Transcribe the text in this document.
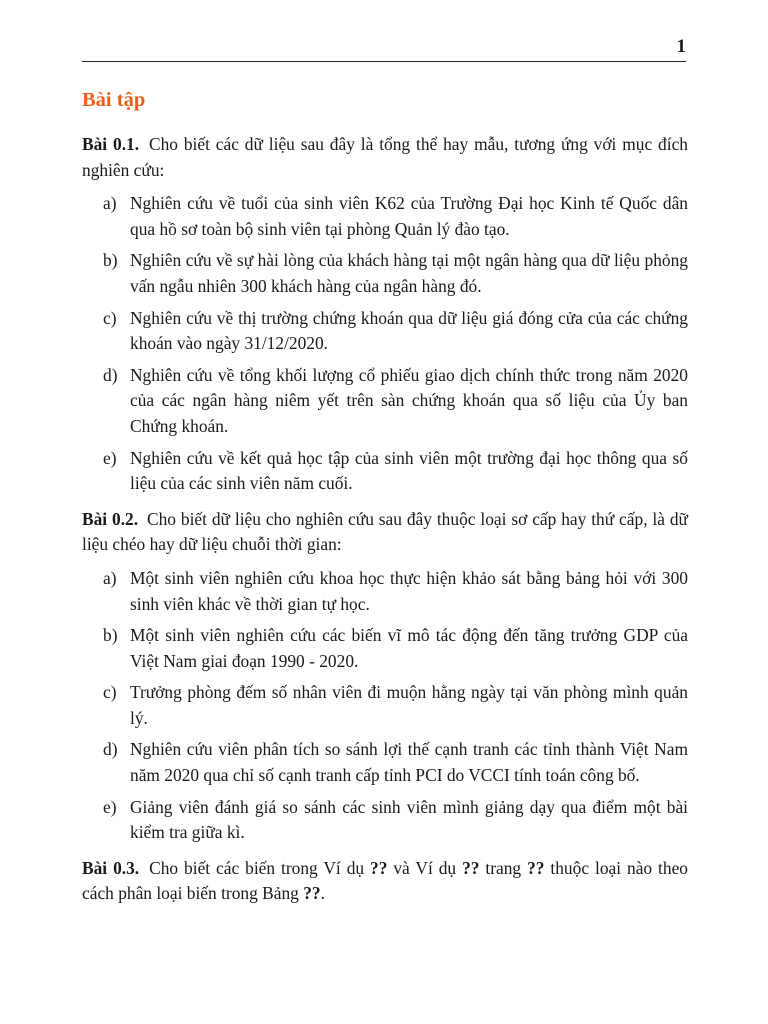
1
Bài tập

Bài 0.1. Cho biết các dữ liệu sau đây là tổng thể hay mẫu, tương ứng với mục đích nghiên cứu:

a) Nghiên cứu về tuổi của sinh viên K62 của Trường Đại học Kinh tế Quốc dân qua hồ sơ toàn bộ sinh viên tại phòng Quản lý đào tạo.
b) Nghiên cứu về sự hài lòng của khách hàng tại một ngân hàng qua dữ liệu phỏng vấn ngẫu nhiên 300 khách hàng của ngân hàng đó.
c) Nghiên cứu về thị trường chứng khoán qua dữ liệu giá đóng cửa của các chứng khoán vào ngày 31/12/2020.
d) Nghiên cứu về tổng khối lượng cổ phiếu giao dịch chính thức trong năm 2020 của các ngân hàng niêm yết trên sàn chứng khoán qua số liệu của Ủy ban Chứng khoán.
e) Nghiên cứu về kết quả học tập của sinh viên một trường đại học thông qua số liệu của các sinh viên năm cuối.

Bài 0.2. Cho biết dữ liệu cho nghiên cứu sau đây thuộc loại sơ cấp hay thứ cấp, là dữ liệu chéo hay dữ liệu chuỗi thời gian:

a) Một sinh viên nghiên cứu khoa học thực hiện khảo sát bằng bảng hỏi với 300 sinh viên khác về thời gian tự học.
b) Một sinh viên nghiên cứu các biến vĩ mô tác động đến tăng trưởng GDP của Việt Nam giai đoạn 1990 - 2020.
c) Trưởng phòng đếm số nhân viên đi muộn hằng ngày tại văn phòng mình quản lý.
d) Nghiên cứu viên phân tích so sánh lợi thế cạnh tranh các tỉnh thành Việt Nam năm 2020 qua chỉ số cạnh tranh cấp tỉnh PCI do VCCI tính toán công bố.
e) Giảng viên đánh giá so sánh các sinh viên mình giảng dạy qua điểm một bài kiểm tra giữa kì.

Bài 0.3. Cho biết các biến trong Ví dụ ?? và Ví dụ ?? trang ?? thuộc loại nào theo cách phân loại biến trong Bảng ??.
